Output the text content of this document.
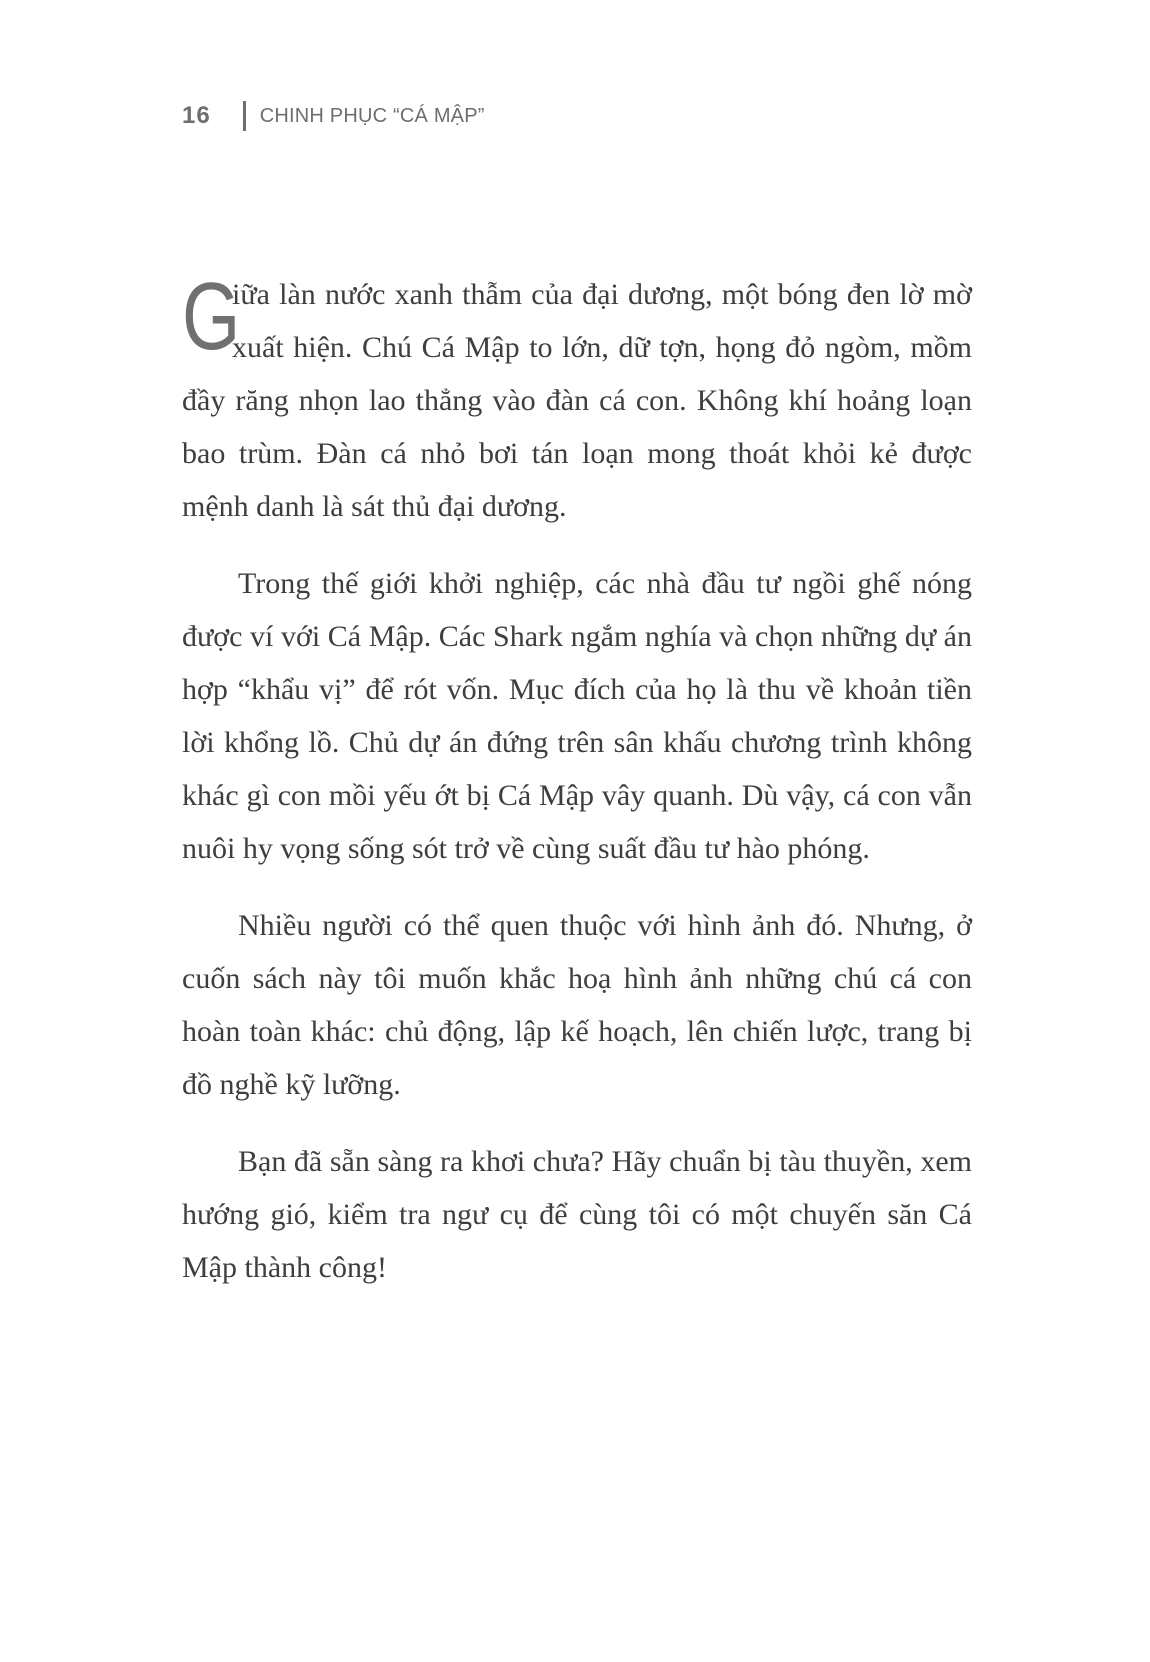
16 CHINH PHỤC “CÁ MẬP”

G
iữa làn nước xanh thẫm của đại dương, một bóng đen lờ mờ xuất hiện. Chú Cá Mập to lớn, dữ tợn, họng đỏ ngòm, mồm đầy răng nhọn lao thẳng vào đàn cá con. Không khí hoảng loạn bao trùm. Đàn cá nhỏ bơi tán loạn mong thoát khỏi kẻ được mệnh danh là sát thủ đại dương.

Trong thế giới khởi nghiệp, các nhà đầu tư ngồi ghế nóng được ví với Cá Mập. Các Shark ngắm nghía và chọn những dự án hợp “khẩu vị” để rót vốn. Mục đích của họ là thu về khoản tiền lời khổng lồ. Chủ dự án đứng trên sân khấu chương trình không khác gì con mồi yếu ớt bị Cá Mập vây quanh. Dù vậy, cá con vẫn nuôi hy vọng sống sót trở về cùng suất đầu tư hào phóng.

Nhiều người có thể quen thuộc với hình ảnh đó. Nhưng, ở cuốn sách này tôi muốn khắc hoạ hình ảnh những chú cá con hoàn toàn khác: chủ động, lập kế hoạch, lên chiến lược, trang bị đồ nghề kỹ lưỡng.

Bạn đã sẵn sàng ra khơi chưa? Hãy chuẩn bị tàu thuyền, xem hướng gió, kiểm tra ngư cụ để cùng tôi có một chuyến săn Cá Mập thành công!
